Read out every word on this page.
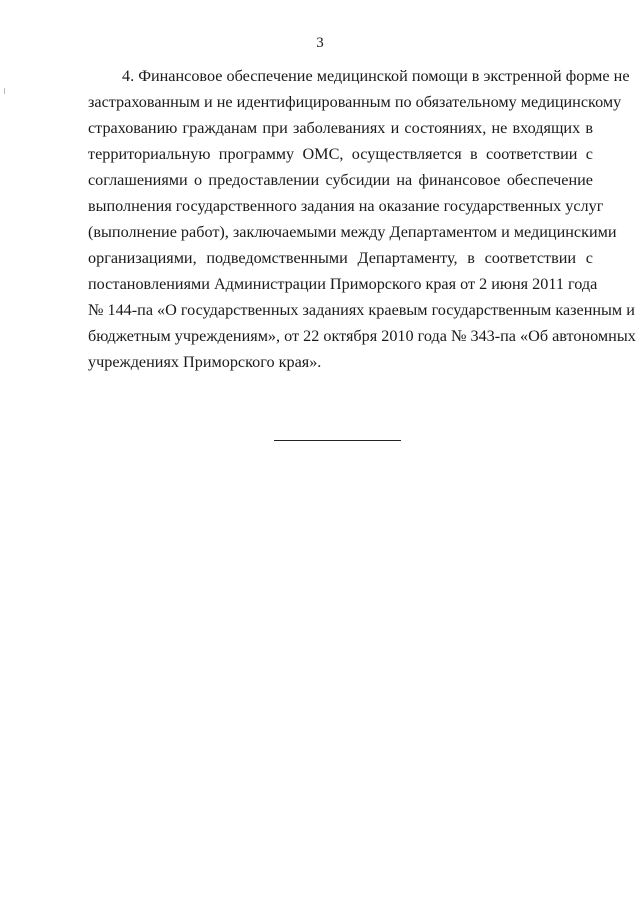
3
4. Финансовое обеспечение медицинской помощи в экстренной форме не
застрахованным и не идентифицированным по обязательному медицинскому
страхованию гражданам при заболеваниях и состояниях, не входящих в
территориальную программу ОМС, осуществляется в соответствии с
соглашениями о предоставлении субсидии на финансовое обеспечение
выполнения государственного задания на оказание государственных услуг
(выполнение работ), заключаемыми между Департаментом и медицинскими
организациями, подведомственными Департаменту, в соответствии с
постановлениями Администрации Приморского края от 2 июня 2011 года
№ 144-па «О государственных заданиях краевым государственным казенным и
бюджетным учреждениям», от 22 октября 2010 года № 343-па «Об автономных
учреждениях Приморского края».
